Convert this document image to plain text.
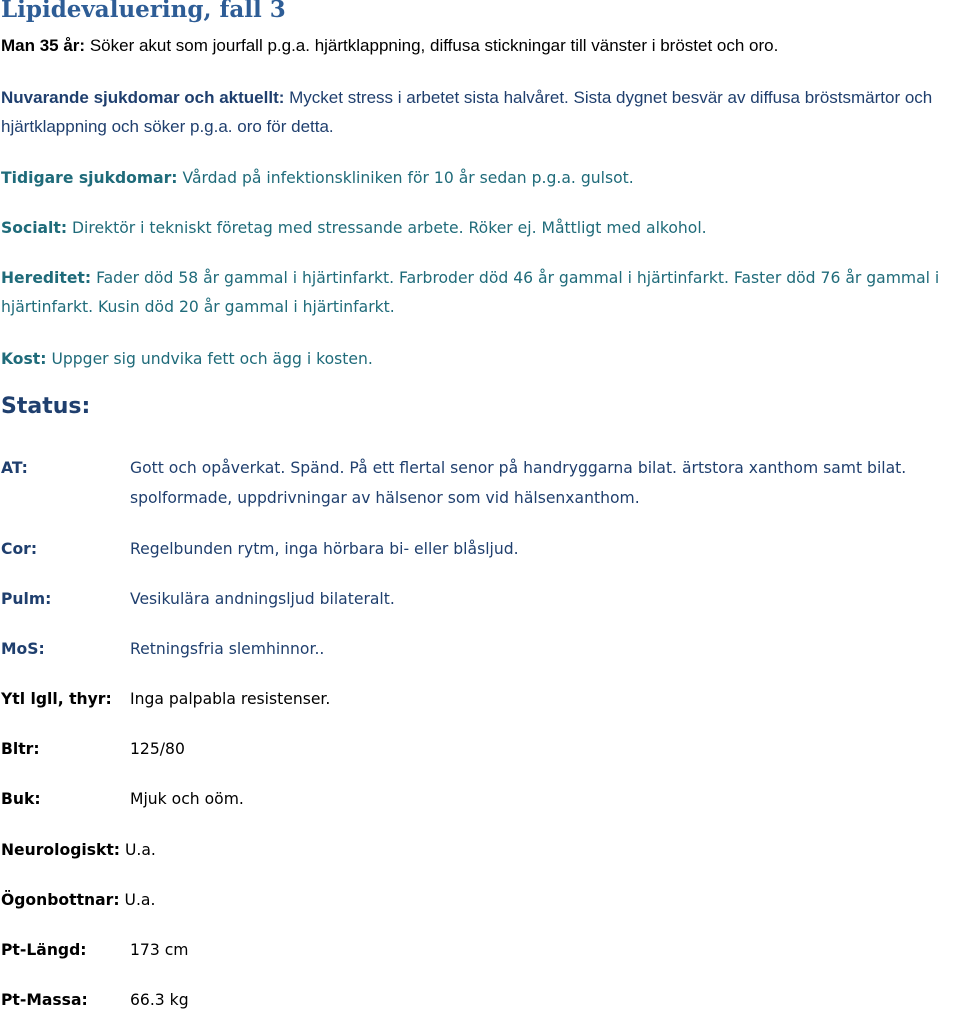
Lipidevaluering, fall 3

Man 35 år: Söker akut som jourfall p.g.a. hjärtklappning, diffusa stickningar till vänster i bröstet och oro.

Nuvarande sjukdomar och aktuellt: Mycket stress i arbetet sista halvåret. Sista dygnet besvär av diffusa bröstsmärtor och hjärtklappning och söker p.g.a. oro för detta.

Tidigare sjukdomar: Vårdad på infektionskliniken för 10 år sedan p.g.a. gulsot.

Socialt: Direktör i tekniskt företag med stressande arbete. Röker ej. Måttligt med alkohol.

Hereditet: Fader död 58 år gammal i hjärtinfarkt. Farbroder död 46 år gammal i hjärtinfarkt. Faster död 76 år gammal i hjärtinfarkt. Kusin död 20 år gammal i hjärtinfarkt.

Kost: Uppger sig undvika fett och ägg i kosten.

Status:
AT:	Gott och opåverkat. Spänd. På ett flertal senor på handryggarna bilat. ärtstora xanthom samt bilat. spolformade, uppdrivningar av hälsenor som vid hälsenxanthom.
Cor:	Regelbunden rytm, inga hörbara bi- eller blåsljud.
Pulm:	Vesikulära andningsljud bilateralt.
MoS:	Retningsfria slemhinnor..
Ytl lgll, thyr: Inga palpabla resistenser.
Bltr:	125/80
Buk:	Mjuk och oöm.
Neurologiskt: U.a.
Ögonbottnar: U.a.
Pt-Längd:	173 cm
Pt-Massa:	66.3 kg
